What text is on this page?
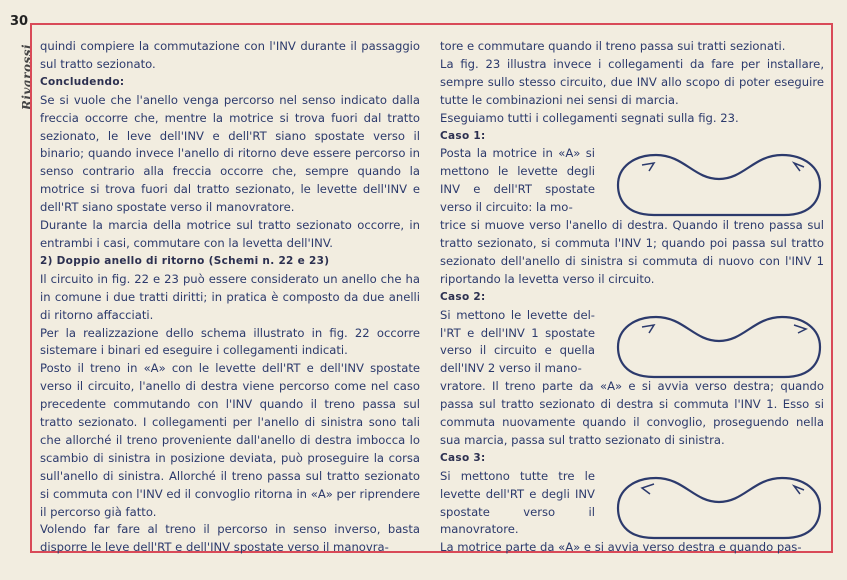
30
Rivarossi quindi compiere la commutazione con l'INV durante il passaggio sul tratto sezionato.

Concludendo:

Se si vuole che l'anello venga percorso nel senso indicato dalla freccia occorre che, mentre la motrice si trova fuori dal tratto sezionato, le leve dell'INV e dell'RT siano spostate verso il binario; quando invece l'anello di ritorno deve essere percorso in senso contrario alla freccia occorre che, sempre quando la motrice si trova fuori dal tratto sezionato, le levette dell'INV e dell'RT siano spostate verso il manovratore.

Durante la marcia della motrice sul tratto sezionato occorre, in entrambi i casi, commutare con la levetta dell'INV.

2) Doppio anello di ritorno (Schemi n. 22 e 23)

Il circuito in fig. 22 e 23 può essere considerato un anello che ha in comune i due tratti diritti; in pratica è composto da due anelli di ritorno affacciati.

Per la realizzazione dello schema illustrato in fig. 22 occorre sistemare i binari ed eseguire i collegamenti indicati.

Posto il treno in «A» con le levette dell'RT e dell'INV spostate verso il circuito, l'anello di destra viene percorso come nel caso precedente commutando con l'INV quando il treno passa sul tratto sezionato. I collegamenti per l'anello di sinistra sono tali che allorché il treno proveniente dall'anello di destra imbocca lo scambio di sinistra in posizione deviata, può proseguire la corsa sull'anello di sinistra. Allorché il treno passa sul tratto sezionato si commuta con l'INV ed il convoglio ritorna in «A» per riprendere il percorso già fatto.

Volendo far fare al treno il percorso in senso inverso, basta disporre le leve dell'RT e dell'INV spostate verso il manovra-

tore e commutare quando il treno passa sui tratti sezionati.

La fig. 23 illustra invece i collegamenti da fare per installare, sempre sullo stesso circuito, due INV allo scopo di poter eseguire tutte le combinazioni nei sensi di marcia.

Eseguiamo tutti i collegamenti segnati sulla fig. 23.

Caso 1:

Posta la motrice in «A» si mettono le levette degli INV e dell'RT spostate verso il circuito: la mo-

trice si muove verso l'anello di destra. Quando il treno passa sul tratto sezionato, si commuta l'INV 1; quando poi passa sul tratto sezionato dell'anello di sinistra si commuta di nuovo con l'INV 1 riportando la levetta verso il circuito.

Caso 2:

Si mettono le levette del-l'RT e dell'INV 1 spostate verso il circuito e quella dell'INV 2 verso il mano-

vratore. Il treno parte da «A» e si avvia verso destra; quando passa sul tratto sezionato di destra si commuta l'INV 1. Esso si commuta nuovamente quando il convoglio, proseguendo nella sua marcia, passa sul tratto sezionato di sinistra.

Caso 3:

Si mettono tutte tre le levette dell'RT e degli INV spostate verso il manovratore.

La motrice parte da «A» e si avvia verso destra e quando pas-
